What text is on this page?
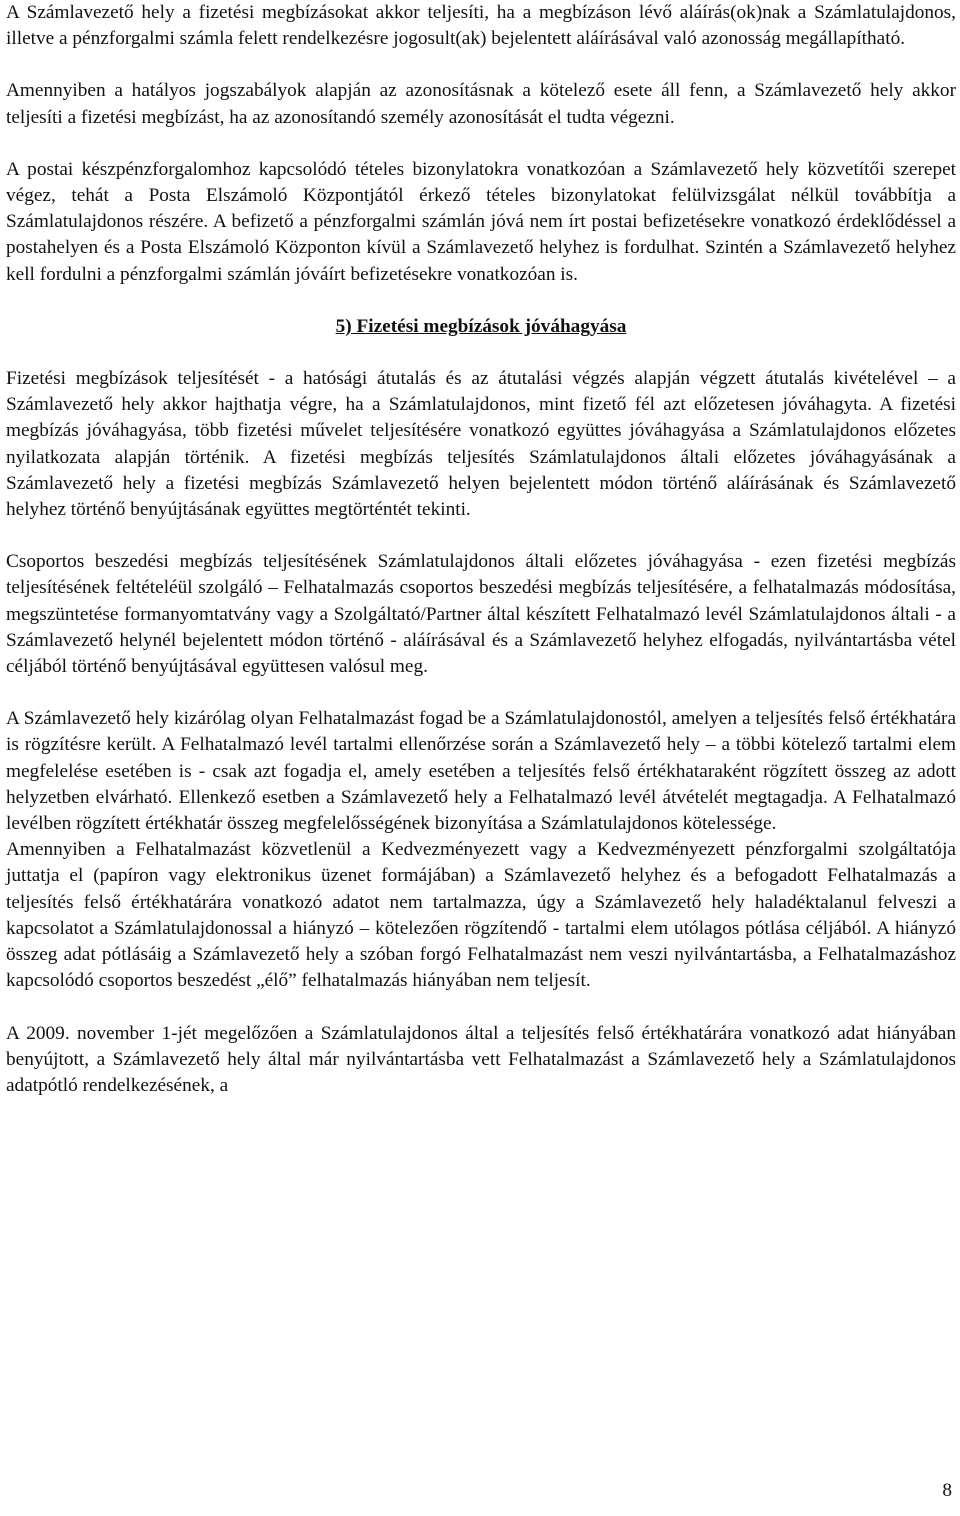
A Számlavezető hely a fizetési megbízásokat akkor teljesíti, ha a megbízáson lévő aláírás(ok)nak a Számlatulajdonos, illetve a pénzforgalmi számla felett rendelkezésre jogosult(ak) bejelentett aláírásával való azonosság megállapítható.

Amennyiben a hatályos jogszabályok alapján az azonosításnak a kötelező esete áll fenn, a Számlavezető hely akkor teljesíti a fizetési megbízást, ha az azonosítandó személy azonosítását el tudta végezni.

A postai készpénzforgalomhoz kapcsolódó tételes bizonylatokra vonatkozóan a Számlavezető hely közvetítői szerepet végez, tehát a Posta Elszámoló Központjától érkező tételes bizonylatokat felülvizsgálat nélkül továbbítja a Számlatulajdonos részére. A befizető a pénzforgalmi számlán jóvá nem írt postai befizetésekre vonatkozó érdeklődéssel a postahelyen és a Posta Elszámoló Központon kívül a Számlavezető helyhez is fordulhat. Szintén a Számlavezető helyhez kell fordulni a pénzforgalmi számlán jóváírt befizetésekre vonatkozóan is.

5) Fizetési megbízások jóváhagyása

Fizetési megbízások teljesítését - a hatósági átutalás és az átutalási végzés alapján végzett átutalás kivételével – a Számlavezető hely akkor hajthatja végre, ha a Számlatulajdonos, mint fizető fél azt előzetesen jóváhagyta. A fizetési megbízás jóváhagyása, több fizetési művelet teljesítésére vonatkozó együttes jóváhagyása a Számlatulajdonos előzetes nyilatkozata alapján történik. A fizetési megbízás teljesítés Számlatulajdonos általi előzetes jóváhagyásának a Számlavezető hely a fizetési megbízás Számlavezető helyen bejelentett módon történő aláírásának és Számlavezető helyhez történő benyújtásának együttes megtörténtét tekinti.

Csoportos beszedési megbízás teljesítésének Számlatulajdonos általi előzetes jóváhagyása - ezen fizetési megbízás teljesítésének feltételéül szolgáló – Felhatalmazás csoportos beszedési megbízás teljesítésére, a felhatalmazás módosítása, megszüntetése formanyomtatvány vagy a Szolgáltató/Partner által készített Felhatalmazó levél Számlatulajdonos általi - a Számlavezető helynél bejelentett módon történő - aláírásával és a Számlavezető helyhez elfogadás, nyilvántartásba vétel céljából történő benyújtásával együttesen valósul meg.

A Számlavezető hely kizárólag olyan Felhatalmazást fogad be a Számlatulajdonostól, amelyen a teljesítés felső értékhatára is rögzítésre került. A Felhatalmazó levél tartalmi ellenőrzése során a Számlavezető hely – a többi kötelező tartalmi elem megfelelése esetében is - csak azt fogadja el, amely esetében a teljesítés felső értékhataraként rögzített összeg az adott helyzetben elvárható. Ellenkező esetben a Számlavezető hely a Felhatalmazó levél átvételét megtagadja. A Felhatalmazó levélben rögzített értékhatár összeg megfelelősségének bizonyítása a Számlatulajdonos kötelessége.

Amennyiben a Felhatalmazást közvetlenül a Kedvezményezett vagy a Kedvezményezett pénzforgalmi szolgáltatója juttatja el (papíron vagy elektronikus üzenet formájában) a Számlavezető helyhez és a befogadott Felhatalmazás a teljesítés felső értékhatárára vonatkozó adatot nem tartalmazza, úgy a Számlavezető hely haladéktalanul felveszi a kapcsolatot a Számlatulajdonossal a hiányzó – kötelezően rögzítendő - tartalmi elem utólagos pótlása céljából. A hiányzó összeg adat pótlásáig a Számlavezető hely a szóban forgó Felhatalmazást nem veszi nyilvántartásba, a Felhatalmazáshoz kapcsolódó csoportos beszedést „élő” felhatalmazás hiányában nem teljesít.

A 2009. november 1-jét megelőzően a Számlatulajdonos által a teljesítés felső értékhatárára vonatkozó adat hiányában benyújtott, a Számlavezető hely által már nyilvántartásba vett Felhatalmazást a Számlavezető hely a Számlatulajdonos adatpótló rendelkezésének, a

8
